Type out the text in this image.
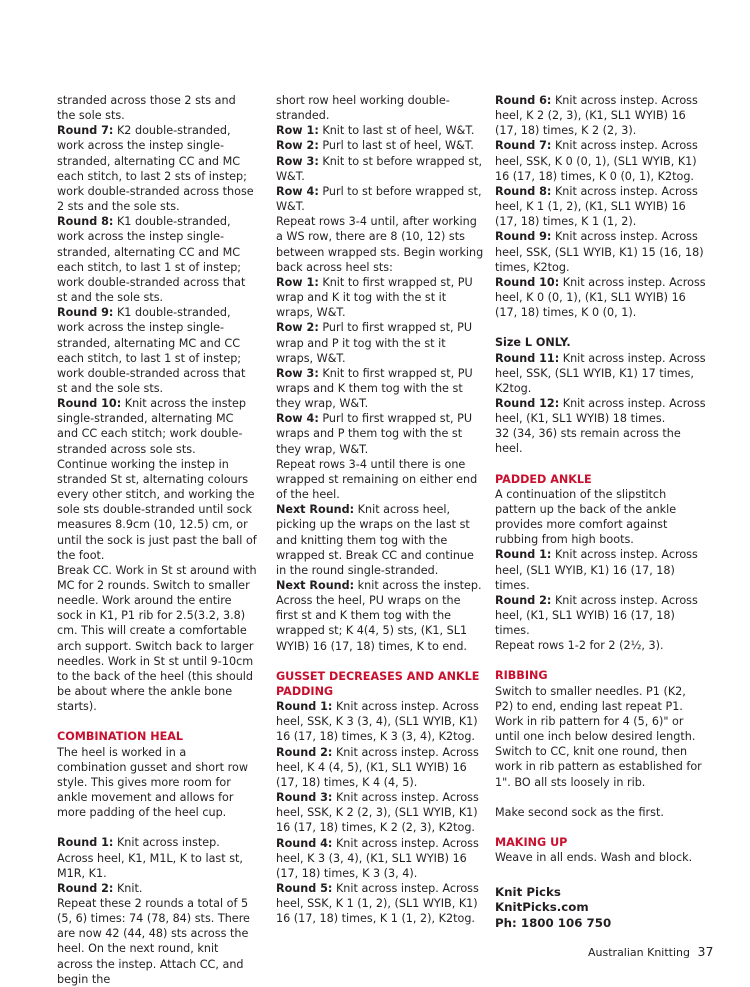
stranded across those 2 sts and the sole sts.

Round 7: K2 double-stranded, work across the instep single-stranded, alternating CC and MC each stitch, to last 2 sts of instep; work double-stranded across those 2 sts and the sole sts.

Round 8: K1 double-stranded, work across the instep single-stranded, alternating CC and MC each stitch, to last 1 st of instep; work double-stranded across that st and the sole sts.

Round 9: K1 double-stranded, work across the instep single-stranded, alternating MC and CC each stitch, to last 1 st of instep; work double-stranded across that st and the sole sts.

Round 10: Knit across the instep single-stranded, alternating MC and CC each stitch; work double-stranded across sole sts.

Continue working the instep in stranded St st, alternating colours every other stitch, and working the sole sts double-stranded until sock measures 8.9cm (10, 12.5) cm, or until the sock is just past the ball of the foot.

Break CC. Work in St st around with MC for 2 rounds. Switch to smaller needle. Work around the entire sock in K1, P1 rib for 2.5(3.2, 3.8) cm. This will create a comfortable arch support. Switch back to larger needles. Work in St st until 9-10cm to the back of the heel (this should be about where the ankle bone starts).

COMBINATION HEAL

The heel is worked in a combination gusset and short row style. This gives more room for ankle movement and allows for more padding of the heel cup.

Round 1: Knit across instep. Across heel, K1, M1L, K to last st, M1R, K1.

Round 2: Knit.

Repeat these 2 rounds a total of 5 (5, 6) times: 74 (78, 84) sts. There are now 42 (44, 48) sts across the heel. On the next round, knit across the instep. Attach CC, and begin the

short row heel working double-stranded.

Row 1: Knit to last st of heel, W&T.

Row 2: Purl to last st of heel, W&T.

Row 3: Knit to st before wrapped st, W&T.

Row 4: Purl to st before wrapped st, W&T.

Repeat rows 3-4 until, after working a WS row, there are 8 (10, 12) sts between wrapped sts. Begin working back across heel sts:

Row 1: Knit to first wrapped st, PU wrap and K it tog with the st it wraps, W&T.

Row 2: Purl to first wrapped st, PU wrap and P it tog with the st it wraps, W&T.

Row 3: Knit to first wrapped st, PU wraps and K them tog with the st they wrap, W&T.

Row 4: Purl to first wrapped st, PU wraps and P them tog with the st they wrap, W&T.

Repeat rows 3-4 until there is one wrapped st remaining on either end of the heel.

Next Round: Knit across heel, picking up the wraps on the last st and knitting them tog with the wrapped st. Break CC and continue in the round single-stranded.

Next Round: knit across the instep. Across the heel, PU wraps on the first st and K them tog with the wrapped st; K 4(4, 5) sts, (K1, SL1 WYIB) 16 (17, 18) times, K to end.

GUSSET DECREASES AND ANKLE PADDING

Round 1: Knit across instep. Across heel, SSK, K 3 (3, 4), (SL1 WYIB, K1) 16 (17, 18) times, K 3 (3, 4), K2tog.

Round 2: Knit across instep. Across heel, K 4 (4, 5), (K1, SL1 WYIB) 16 (17, 18) times, K 4 (4, 5).

Round 3: Knit across instep. Across heel, SSK, K 2 (2, 3), (SL1 WYIB, K1) 16 (17, 18) times, K 2 (2, 3), K2tog.

Round 4: Knit across instep. Across heel, K 3 (3, 4), (K1, SL1 WYIB) 16 (17, 18) times, K 3 (3, 4).

Round 5: Knit across instep. Across heel, SSK, K 1 (1, 2), (SL1 WYIB, K1) 16 (17, 18) times, K 1 (1, 2), K2tog.

Round 6: Knit across instep. Across heel, K 2 (2, 3), (K1, SL1 WYIB) 16 (17, 18) times, K 2 (2, 3).

Round 7: Knit across instep. Across heel, SSK, K 0 (0, 1), (SL1 WYIB, K1) 16 (17, 18) times, K 0 (0, 1), K2tog.

Round 8: Knit across instep. Across heel, K 1 (1, 2), (K1, SL1 WYIB) 16 (17, 18) times, K 1 (1, 2).

Round 9: Knit across instep. Across heel, SSK, (SL1 WYIB, K1) 15 (16, 18) times, K2tog.

Round 10: Knit across instep. Across heel, K 0 (0, 1), (K1, SL1 WYIB) 16 (17, 18) times, K 0 (0, 1).

Size L ONLY.

Round 11: Knit across instep. Across heel, SSK, (SL1 WYIB, K1) 17 times, K2tog.

Round 12: Knit across instep. Across heel, (K1, SL1 WYIB) 18 times.

32 (34, 36) sts remain across the heel.

PADDED ANKLE

A continuation of the slipstitch pattern up the back of the ankle provides more comfort against rubbing from high boots.

Round 1: Knit across instep. Across heel, (SL1 WYIB, K1) 16 (17, 18) times.

Round 2: Knit across instep. Across heel, (K1, SL1 WYIB) 16 (17, 18) times.

Repeat rows 1-2 for 2 (2½, 3).

RIBBING

Switch to smaller needles. P1 (K2, P2) to end, ending last repeat P1. Work in rib pattern for 4 (5, 6)" or until one inch below desired length. Switch to CC, knit one round, then work in rib pattern as established for 1". BO all sts loosely in rib.

Make second sock as the first.

MAKING UP

Weave in all ends. Wash and block.

Knit Picks

KnitPicks.com

Ph: 1800 106 750

Australian Knitting 37
